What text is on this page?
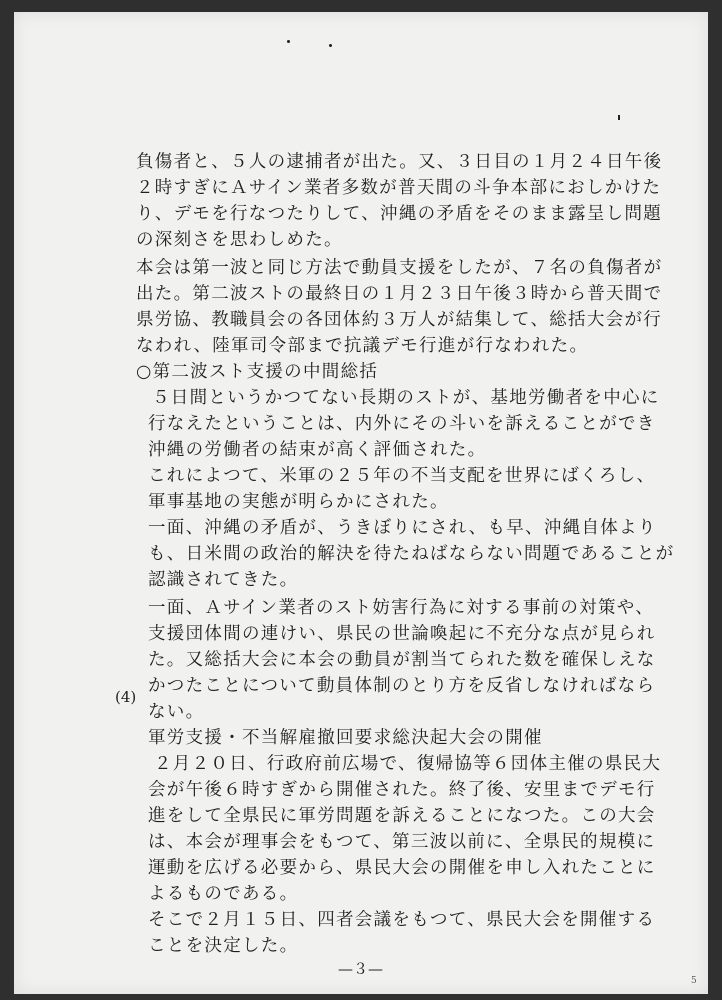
負傷者と、５人の逮捕者が出た。又、３日目の１月２４日午後
２時すぎにＡサイン業者多数が普天間の斗争本部におしかけた
り、デモを行なつたりして、沖縄の矛盾をそのまま露呈し問題
の深刻さを思わしめた。
本会は第一波と同じ方法で動員支援をしたが、７名の負傷者が
出た。第二波ストの最終日の１月２３日午後３時から普天間で
県労協、教職員会の各団体約３万人が結集して、総括大会が行
なわれ、陸軍司令部まで抗議デモ行進が行なわれた。
○第二波スト支援の中間総括
５日間というかつてない長期のストが、基地労働者を中心に
行なえたということは、内外にその斗いを訴えることができ
沖縄の労働者の結束が高く評価された。
これによつて、米軍の２５年の不当支配を世界にばくろし、
軍事基地の実態が明らかにされた。
一面、沖縄の矛盾が、うきぼりにされ、も早、沖縄自体より
も、日米間の政治的解決を待たねばならない問題であることが
認識されてきた。
一面、Ａサイン業者のスト妨害行為に対する事前の対策や、
支援団体間の連けい、県民の世論喚起に不充分な点が見られ
た。又総括大会に本会の動員が割当てられた数を確保しえな
かつたことについて動員体制のとり方を反省しなければなら
ない。
(4)
軍労支援・不当解雇撤回要求総決起大会の開催
２月２０日、行政府前広場で、復帰協等６団体主催の県民大
会が午後６時すぎから開催された。終了後、安里までデモ行
進をして全県民に軍労問題を訴えることになつた。この大会
は、本会が理事会をもつて、第三波以前に、全県民的規模に
運動を広げる必要から、県民大会の開催を申し入れたことに
よるものである。
そこで２月１５日、四者会議をもつて、県民大会を開催する
ことを決定した。
—３—
5
